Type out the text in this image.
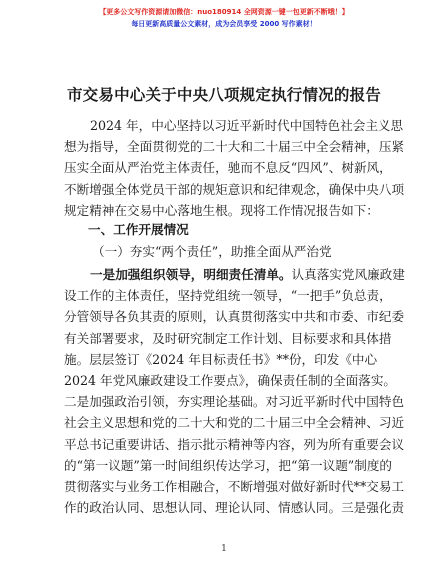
【更多公文写作资源请加微信：nuo180914 全网资源一键一包更新不断哦！】
每日更新高质量公文素材，成为会员享受 2000 写作素材！
市交易中心关于中央八项规定执行情况的报告
2024 年，中心坚持以习近平新时代中国特色社会主义思
想为指导，全面贯彻党的二十大和二十届三中全会精神，压紧
压实全面从严治党主体责任，驰而不息反“四风”、树新风，
不断增强全体党员干部的规矩意识和纪律观念，确保中央八项
规定精神在交易中心落地生根。现将工作情况报告如下：
一、工作开展情况
（一）夯实“两个责任”，助推全面从严治党
一是加强组织领导，明细责任清单。认真落实党风廉政建
设工作的主体责任，坚持党组统一领导，“一把手”负总责，
分管领导各负其责的原则，认真贯彻落实中共和市委、市纪委
有关部署要求，及时研究制定工作计划、目标要求和具体措
施。层层签订《2024 年目标责任书》**份，印发《中心
2024 年党风廉政建设工作要点》，确保责任制的全面落实。
二是加强政治引领，夯实理论基础。对习近平新时代中国特色
社会主义思想和党的二十大和党的二十届三中全会精神、习近
平总书记重要讲话、指示批示精神等内容，列为所有重要会议
的“第一议题”第一时间组织传达学习，把“第一议题”制度的
贯彻落实与业务工作相融合，不断增强对做好新时代**交易工
作的政治认同、思想认同、理论认同、情感认同。三是强化责
1
